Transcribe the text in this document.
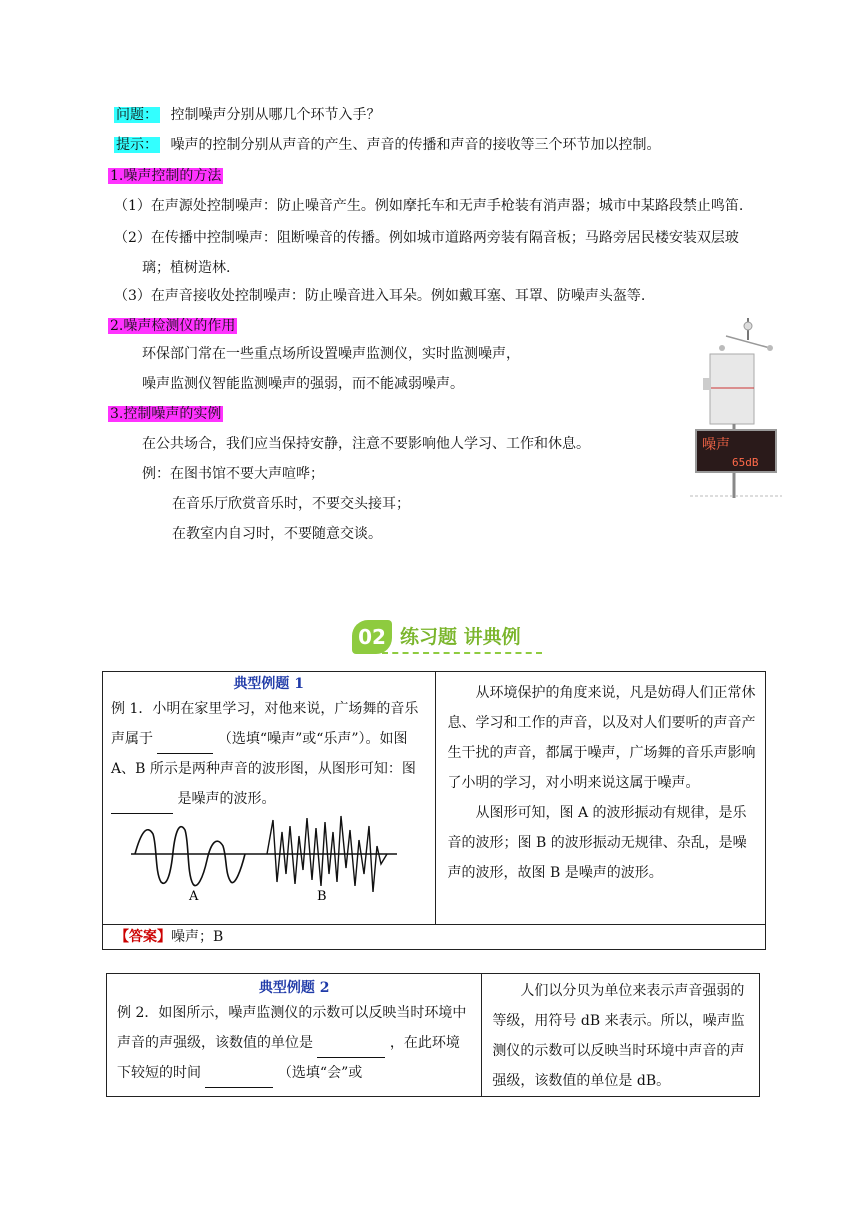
问题： 控制噪声分别从哪几个环节入手？
提示： 噪声的控制分别从声音的产生、声音的传播和声音的接收等三个环节加以控制。
1.噪声控制的方法
（1）在声源处控制噪声：防止噪音产生。例如摩托车和无声手枪装有消声器；城市中某路段禁止鸣笛.
（2）在传播中控制噪声：阻断噪音的传播。例如城市道路两旁装有隔音板；马路旁居民楼安装双层玻
璃；植树造林.
（3）在声音接收处控制噪声：防止噪音进入耳朵。例如戴耳塞、耳罩、防噪声头盔等.
2.噪声检测仪的作用
环保部门常在一些重点场所设置噪声监测仪，实时监测噪声，
噪声监测仪智能监测噪声的强弱，而不能减弱噪声。
3.控制噪声的实例
在公共场合，我们应当保持安静，注意不要影响他人学习、工作和休息。
例：在图书馆不要大声喧哗；
在音乐厅欣赏音乐时，不要交头接耳；
在教室内自习时，不要随意交谈。
噪声
65dB
02 练习题 讲典例
典型例题 1
例 1．小明在家里学习，对他来说，广场舞的音乐声属于	（选填“噪声”或“乐声”）。如图 A、B 所示是两种声音的波形图，从图形可知：图  是噪声的波形。
A	B

从环境保护的角度来说，凡是妨碍人们正常休息、学习和工作的声音，以及对人们要听的声音产生干扰的声音，都属于噪声，广场舞的音乐声影响了小明的学习，对小明来说这属于噪声。
从图形可知，图 A 的波形振动有规律，是乐音的波形；图 B 的波形振动无规律、杂乱，是噪声的波形，故图 B 是噪声的波形。

【答案】噪声；B
典型例题 2
例 2．如图所示，噪声监测仪的示数可以反映当时环境中声音的声强级，该数值的单位是	，在此环境下较短的时间	（选填“会”或

人们以分贝为单位来表示声音强弱的等级，用符号 dB 来表示。所以，噪声监测仪的示数可以反映当时环境中声音的声强级，该数值的单位是 dB。
